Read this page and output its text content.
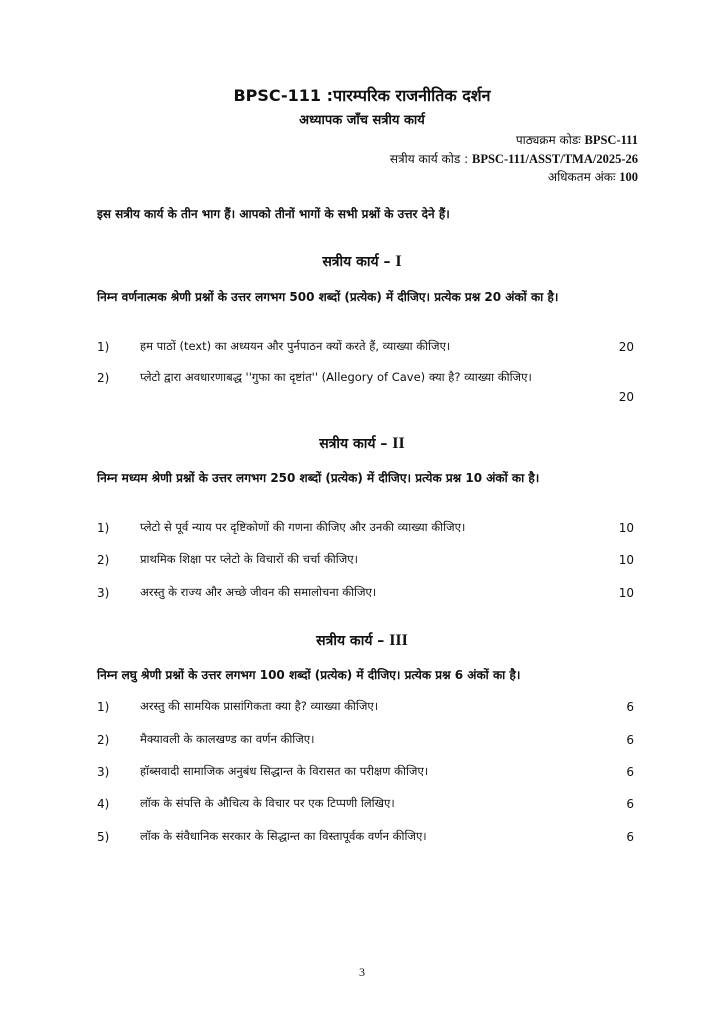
BPSC-111 :पारम्परिक राजनीतिक दर्शन
अध्यापक जाँच सत्रीय कार्य
पाठ्यक्रम कोडः BPSC-111
सत्रीय कार्य कोड : BPSC-111/ASST/TMA/2025-26
अधिकतम अंकः 100
इस सत्रीय कार्य के तीन भाग हैं। आपको तीनों भागों के सभी प्रश्नों के उत्तर देने हैं।
सत्रीय कार्य – I
निम्न वर्णनात्मक श्रेणी प्रश्नों के उत्तर लगभग 500 शब्दों (प्रत्येक) में दीजिए। प्रत्येक प्रश्न 20 अंकों का है।
1)	हम पाठों (text) का अध्ययन और पुर्नपाठन क्यों करते हैं, व्याख्या कीजिए।	20
2)	प्लेटो द्वारा अवधारणाबद्ध ''गुफा का दृष्टांत'' (Allegory of Cave) क्या है? व्याख्या कीजिए।
20
सत्रीय कार्य – II
निम्न मध्यम श्रेणी प्रश्नों के उत्तर लगभग 250 शब्दों (प्रत्येक) में दीजिए। प्रत्येक प्रश्न 10 अंकों का है।
1)	प्लेटो से पूर्व न्याय पर दृष्टिकोणों की गणना कीजिए और उनकी व्याख्या कीजिए।	10
2)	प्राथमिक शिक्षा पर प्लेटो के विचारों की चर्चा कीजिए।	10
3)	अरस्तु के राज्य और अच्छे जीवन की समालोचना कीजिए।	10
सत्रीय कार्य – III
निम्न लघु श्रेणी प्रश्नों के उत्तर लगभग 100 शब्दों (प्रत्येक) में दीजिए। प्रत्येक प्रश्न 6 अंकों का है।
1)	अरस्तु की सामयिक प्रासांगिकता क्या है? व्याख्या कीजिए।	6
2)	मैक्यावली के कालखण्ड का वर्णन कीजिए।	6
3)	हॉब्सवादी सामाजिक अनुबंध सिद्धान्त के विरासत का परीक्षण कीजिए।	6
4)	लॉक के संपत्ति के औचित्य के विचार पर एक टिप्पणी लिखिए।	6
5)	लॉक के संवैधानिक सरकार के सिद्धान्त का विस्तापूर्वक वर्णन कीजिए।	6
3
